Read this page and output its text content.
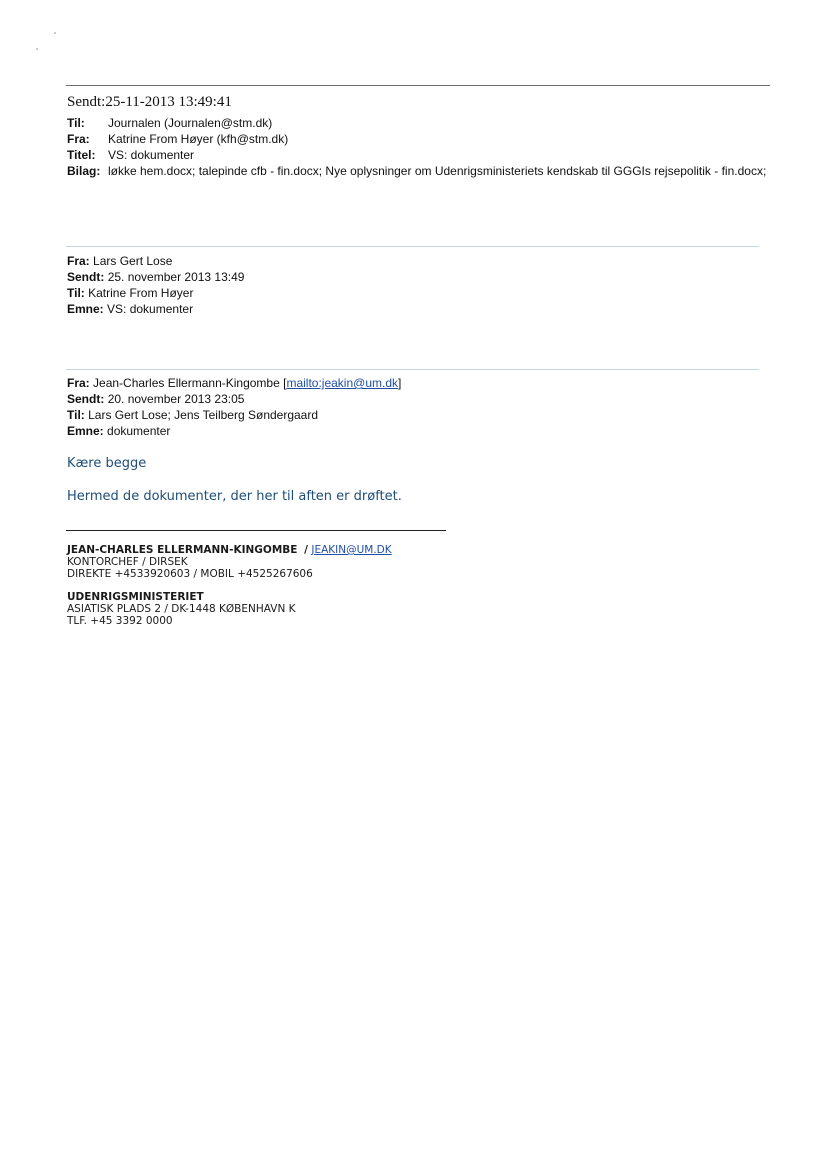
Sendt:25-11-2013 13:49:41
Til:	Journalen (Journalen@stm.dk)
Fra:	Katrine From Høyer (kfh@stm.dk)
Titel:	VS: dokumenter
Bilag: løkke hem.docx; talepinde cfb - fin.docx; Nye oplysninger om Udenrigsministeriets kendskab til GGGIs rejsepolitik - fin.docx;
Fra: Lars Gert Lose
Sendt: 25. november 2013 13:49
Til: Katrine From Høyer
Emne: VS: dokumenter
Fra: Jean-Charles Ellermann-Kingombe [mailto:jeakin@um.dk]
Sendt: 20. november 2013 23:05
Til: Lars Gert Lose; Jens Teilberg Søndergaard
Emne: dokumenter
Kære begge
Hermed de dokumenter, der her til aften er drøftet.
JEAN-CHARLES ELLERMANN-KINGOMBE / JEAKIN@UM.DK
KONTORCHEF / DIRSEK
DIREKTE +4533920603 / MOBIL +4525267606
UDENRIGSMINISTERIET
ASIATISK PLADS 2 / DK-1448 KØBENHAVN K
TLF. +45 3392 0000
